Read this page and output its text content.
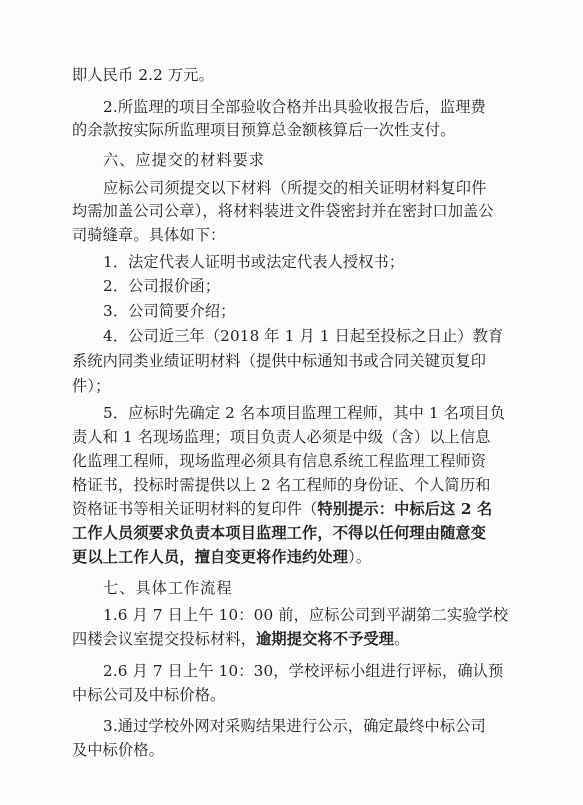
即人民币 2.2 万元。
2.所监理的项目全部验收合格并出具验收报告后，监理费
的余款按实际所监理项目预算总金额核算后一次性支付。
六、应提交的材料要求
应标公司须提交以下材料（所提交的相关证明材料复印件
均需加盖公司公章），将材料装进文件袋密封并在密封口加盖公
司骑缝章。具体如下：
1．法定代表人证明书或法定代表人授权书；
2．公司报价函；
3．公司简要介绍；
4．公司近三年（2018 年 1 月 1 日起至投标之日止）教育
系统内同类业绩证明材料（提供中标通知书或合同关键页复印
件）；
5．应标时先确定 2 名本项目监理工程师，其中 1 名项目负
责人和 1 名现场监理；项目负责人必须是中级（含）以上信息
化监理工程师，现场监理必须具有信息系统工程监理工程师资
格证书，投标时需提供以上 2 名工程师的身份证、个人简历和
资格证书等相关证明材料的复印件（特别提示：中标后这 2 名
工作人员须要求负责本项目监理工作，不得以任何理由随意变
更以上工作人员，擅自变更将作违约处理）。
七、具体工作流程
1.6 月 7 日上午 10：00 前，应标公司到平湖第二实验学校
四楼会议室提交投标材料，逾期提交将不予受理。
2.6 月 7 日上午 10：30，学校评标小组进行评标，确认预
中标公司及中标价格。
3.通过学校外网对采购结果进行公示，确定最终中标公司
及中标价格。
